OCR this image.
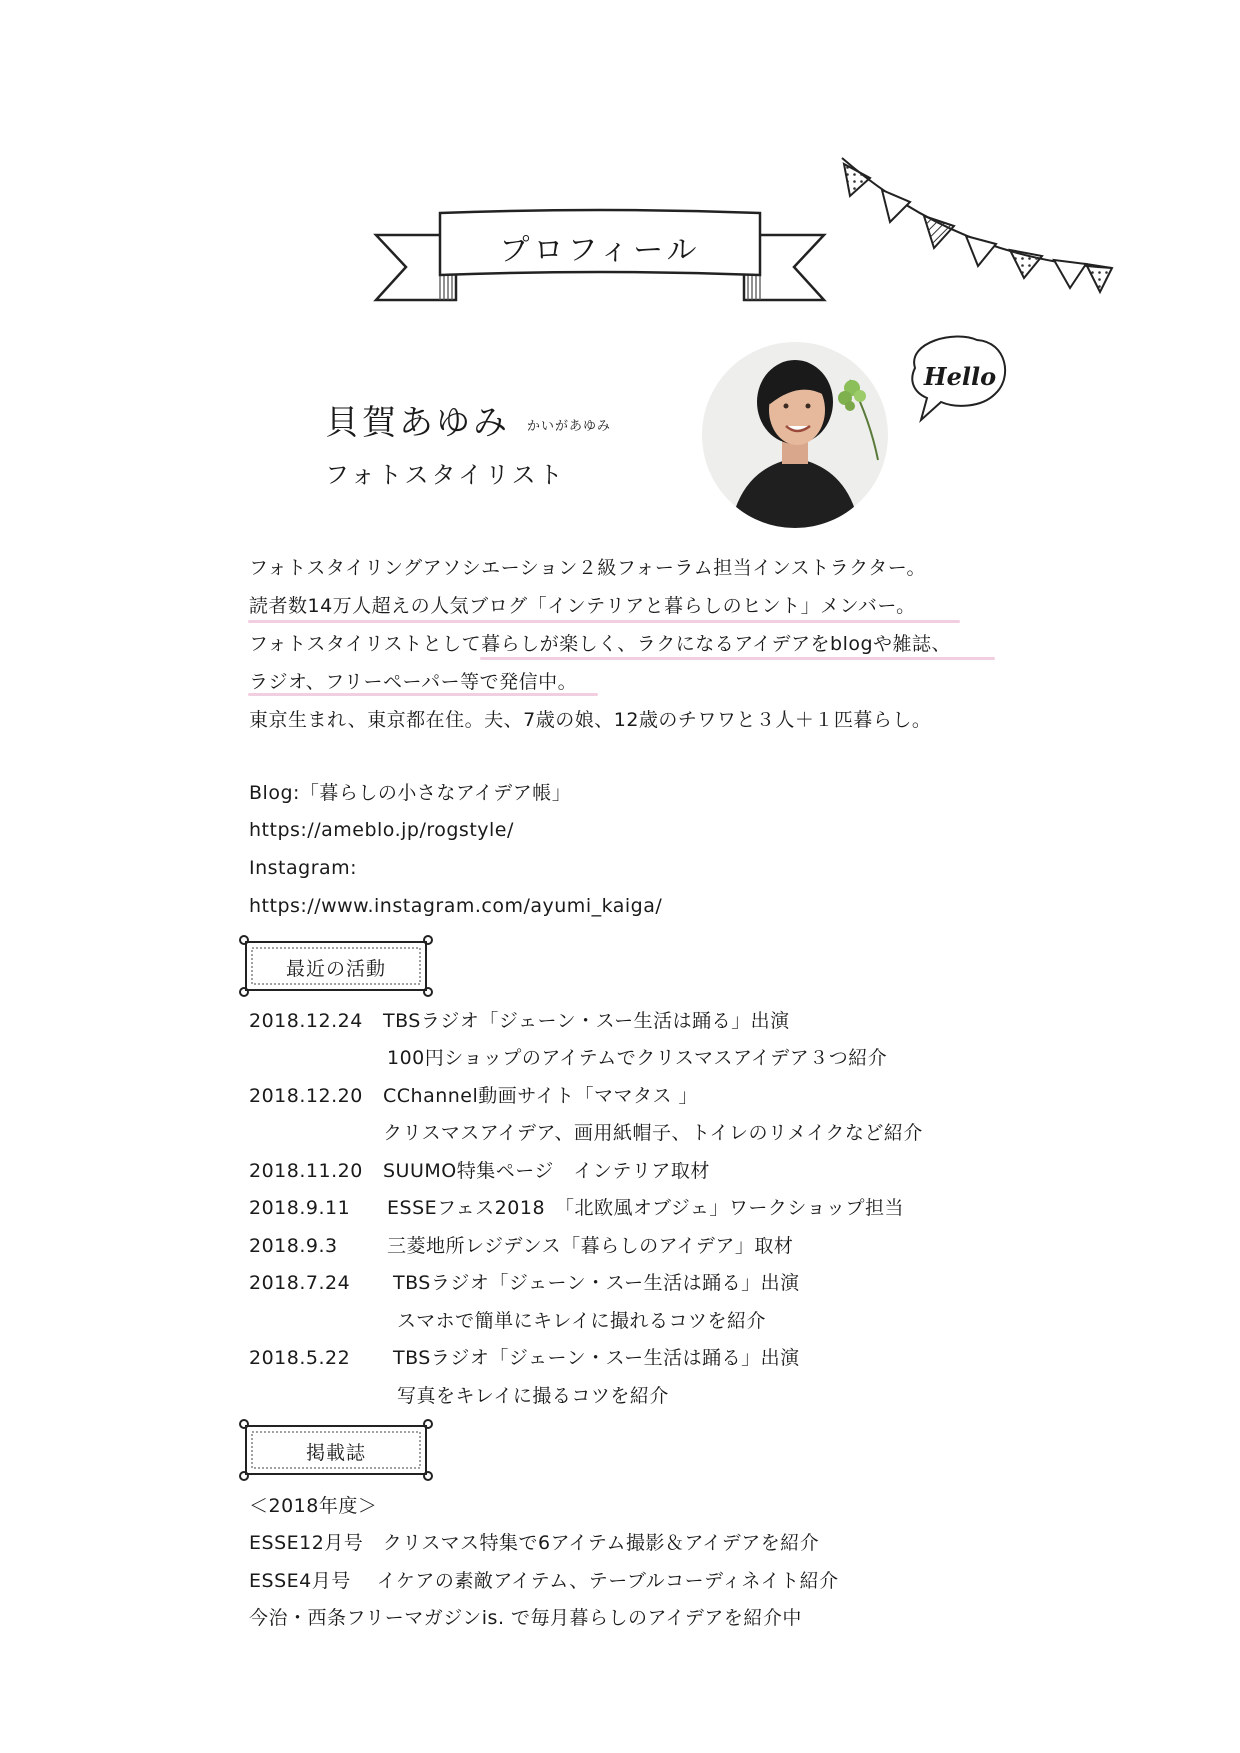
プロフィール
Hello
貝賀あゆみ かいがあゆみ
フォトスタイリスト
フォトスタイリングアソシエーション２級フォーラム担当インストラクター。
読者数14万人超えの人気ブログ「インテリアと暮らしのヒント」メンバー。
フォトスタイリストとして暮らしが楽しく、ラクになるアイデアをblogや雑誌、
ラジオ、フリーペーパー等で発信中。
東京生まれ、東京都在住。夫、7歳の娘、12歳のチワワと３人＋１匹暮らし。
Blog:「暮らしの小さなアイデア帳」
https://ameblo.jp/rogstyle/
Instagram:
https://www.instagram.com/ayumi_kaiga/
最近の活動
2018.12.24 TBSラジオ「ジェーン・スー生活は踊る」出演
100円ショップのアイテムでクリスマスアイデア３つ紹介
2018.12.20 CChannel動画サイト「ママタス 」
クリスマスアイデア、画用紙帽子、トイレのリメイクなど紹介
2018.11.20 SUUMO特集ページ　インテリア取材
2018.9.11 ESSEフェス2018　「北欧風オブジェ」ワークショップ担当
2018.9.3	三菱地所レジデンス「暮らしのアイデア」取材
2018.7.24 TBSラジオ「ジェーン・スー生活は踊る」出演
スマホで簡単にキレイに撮れるコツを紹介
2018.5.22 TBSラジオ「ジェーン・スー生活は踊る」出演
写真をキレイに撮るコツを紹介
掲載誌
＜2018年度＞
ESSE12月号　クリスマス特集で6アイテム撮影＆アイデアを紹介
ESSE4月号　 イケアの素敵アイテム、テーブルコーディネイト紹介
今治・西条フリーマガジンis. で毎月暮らしのアイデアを紹介中
